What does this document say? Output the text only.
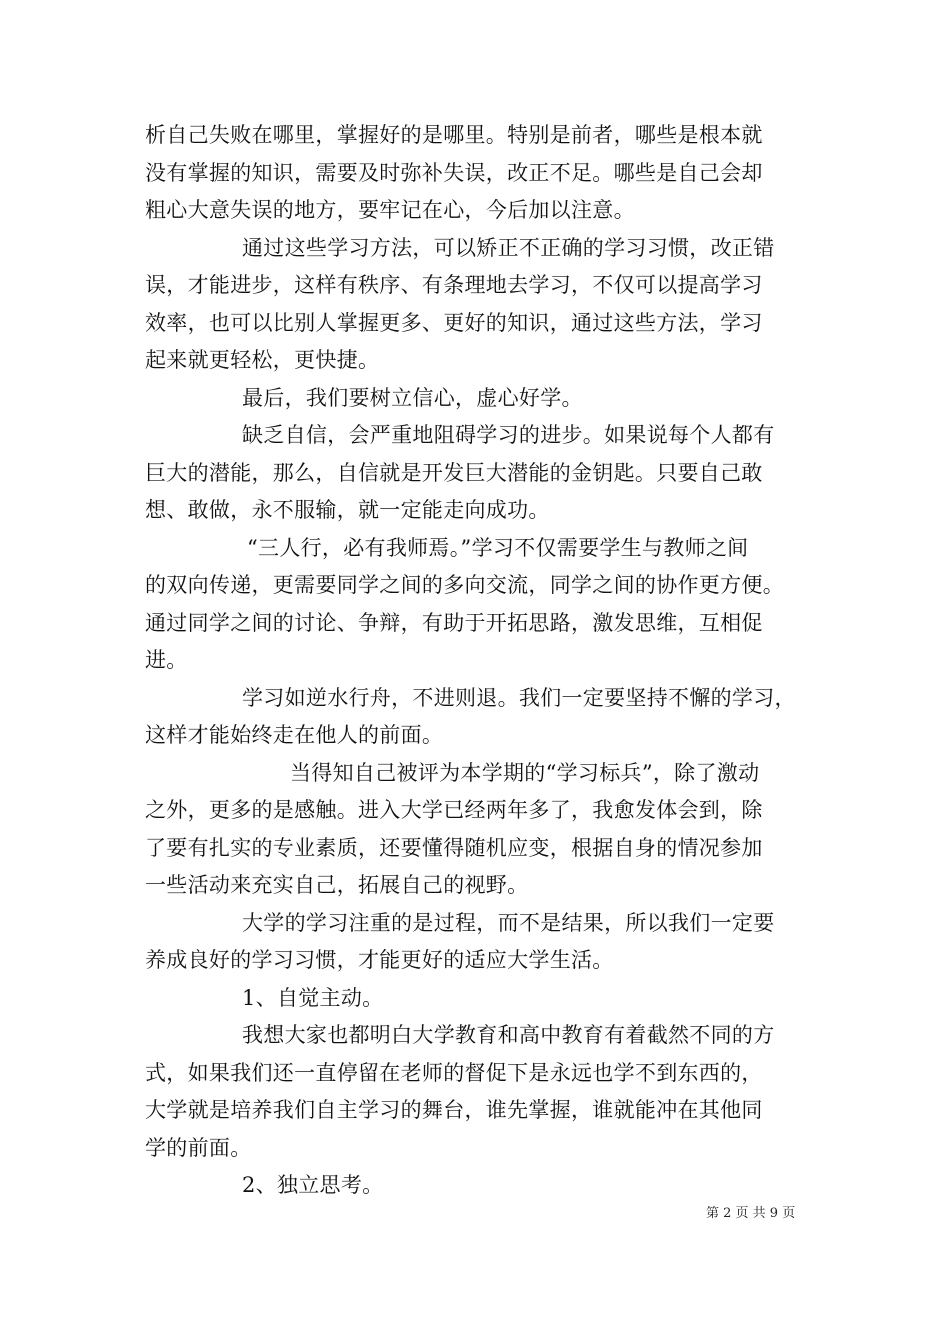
析自己失败在哪里，掌握好的是哪里。特别是前者，哪些是根本就
没有掌握的知识，需要及时弥补失误，改正不足。哪些是自己会却
粗心大意失误的地方，要牢记在心，今后加以注意。
通过这些学习方法，可以矫正不正确的学习习惯，改正错
误，才能进步，这样有秩序、有条理地去学习，不仅可以提高学习
效率，也可以比别人掌握更多、更好的知识，通过这些方法，学习
起来就更轻松，更快捷。
最后，我们要树立信心，虚心好学。
缺乏自信，会严重地阻碍学习的进步。如果说每个人都有
巨大的潜能，那么，自信就是开发巨大潜能的金钥匙。只要自己敢
想、敢做，永不服输，就一定能走向成功。
“三人行，必有我师焉。”学习不仅需要学生与教师之间
的双向传递，更需要同学之间的多向交流，同学之间的协作更方便。
通过同学之间的讨论、争辩，有助于开拓思路，激发思维，互相促
进。
学习如逆水行舟，不进则退。我们一定要坚持不懈的学习，
这样才能始终走在他人的前面。
当得知自己被评为本学期的“学习标兵”，除了激动
之外，更多的是感触。进入大学已经两年多了，我愈发体会到，除
了要有扎实的专业素质，还要懂得随机应变，根据自身的情况参加
一些活动来充实自己，拓展自己的视野。
大学的学习注重的是过程，而不是结果，所以我们一定要
养成良好的学习习惯，才能更好的适应大学生活。
1、自觉主动。
我想大家也都明白大学教育和高中教育有着截然不同的方
式，如果我们还一直停留在老师的督促下是永远也学不到东西的，
大学就是培养我们自主学习的舞台，谁先掌握，谁就能冲在其他同
学的前面。
2、独立思考。
第 2 页 共 9 页
